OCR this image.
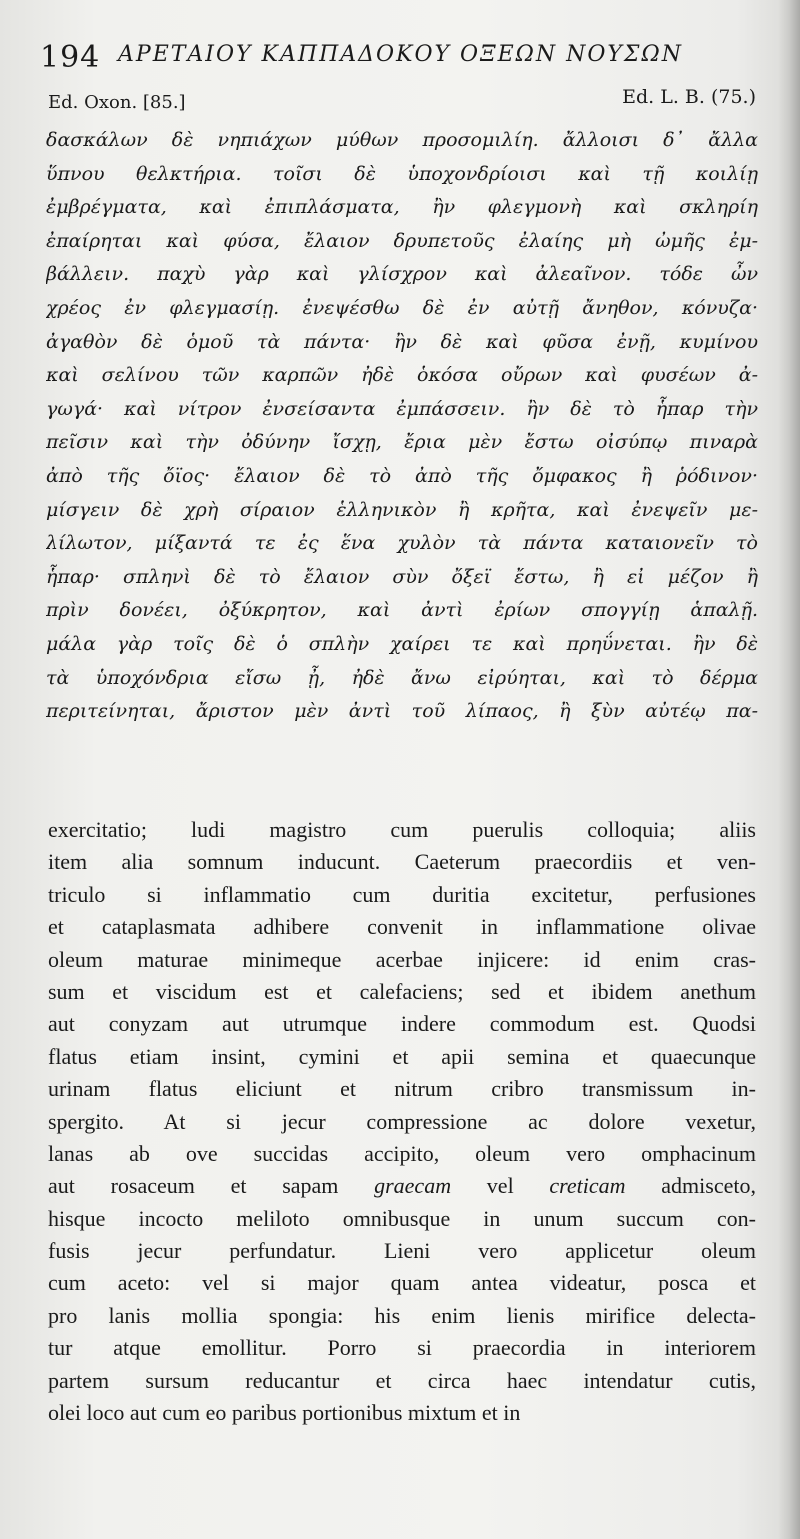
194 ΑΡΕΤΑΙΟΥ ΚΑΠΠΑΔΟΚΟΥ ΟΞΕΩΝ ΝΟΥΣΩΝ
Ed. Oxon. [85.]	Ed. L. B. (75.)
δασκάλων δὲ νηπιάχων μύθων προσομιλίη. ἄλλοισι δ᾽ ἄλλα
ὕπνου θελκτήρια. τοῖσι δὲ ὑποχονδρίοισι καὶ τῇ κοιλίῃ
ἐμβρέγματα, καὶ ἐπιπλάσματα, ἢν φλεγμονὴ καὶ σκληρίη
ἐπαίρηται καὶ φύσα, ἔλαιον δρυπετοῦς ἐλαίης μὴ ὠμῆς ἐμ-
βάλλειν. παχὺ γὰρ καὶ γλίσχρον καὶ ἀλεαῖνον. τόδε ὦν
χρέος ἐν φλεγμασίῃ. ἐνεψέσθω δὲ ἐν αὐτῇ ἄνηθον, κόνυζα·
ἀγαθὸν δὲ ὁμοῦ τὰ πάντα· ἢν δὲ καὶ φῦσα ἐνῇ, κυμίνου
καὶ σελίνου τῶν καρπῶν ἠδὲ ὁκόσα οὔρων καὶ φυσέων ἀ-
γωγά· καὶ νίτρον ἐνσείσαντα ἐμπάσσειν. ἢν δὲ τὸ ἧπαρ τὴν
πεῖσιν καὶ τὴν ὀδύνην ἴσχῃ, ἔρια μὲν ἔστω οἰσύπῳ πιναρὰ
ἀπὸ τῆς ὄϊος· ἔλαιον δὲ τὸ ἀπὸ τῆς ὄμφακος ἢ ῥόδινον·
μίσγειν δὲ χρὴ σίραιον ἑλληνικὸν ἢ κρῆτα, καὶ ἐνεψεῖν με-
λίλωτον, μίξαντά τε ἐς ἕνα χυλὸν τὰ πάντα καταιονεῖν τὸ
ἧπαρ· σπληνὶ δὲ τὸ ἔλαιον σὺν ὄξεϊ ἔστω, ἢ εἰ μέζον ἢ
πρὶν δονέει, ὀξύκρητον, καὶ ἀντὶ ἐρίων σπογγίῃ ἁπαλῇ.
μάλα γὰρ τοῖς δὲ ὁ σπλὴν χαίρει τε καὶ πρηΰνεται. ἢν δὲ
τὰ ὑποχόνδρια εἴσω ᾖ, ἠδὲ ἄνω εἰρύηται, καὶ τὸ δέρμα
περιτείνηται, ἄριστον μὲν ἀντὶ τοῦ λίπαος, ἢ ξὺν αὐτέῳ πα-
exercitatio; ludi magistro cum puerulis colloquia; aliis
item alia somnum inducunt. Caeterum praecordiis et ven-
triculo si inflammatio cum duritia excitetur, perfusiones
et cataplasmata adhibere convenit in inflammatione olivae
oleum maturae minimeque acerbae injicere: id enim cras-
sum et viscidum est et calefaciens; sed et ibidem anethum
aut conyzam aut utrumque indere commodum est. Quodsi
flatus etiam insint, cymini et apii semina et quaecunque
urinam flatus eliciunt et nitrum cribro transmissum in-
spergito. At si jecur compressione ac dolore vexetur,
lanas ab ove succidas accipito, oleum vero omphacinum
aut rosaceum et sapam graecam vel creticam admisceto,
hisque incocto meliloto omnibusque in unum succum con-
fusis jecur perfundatur. Lieni vero applicetur oleum
cum aceto: vel si major quam antea videatur, posca et
pro lanis mollia spongia: his enim lienis mirifice delecta-
tur atque emollitur. Porro si praecordia in interiorem
partem sursum reducantur et circa haec intendatur cutis,
olei loco aut cum eo paribus portionibus mixtum et in
